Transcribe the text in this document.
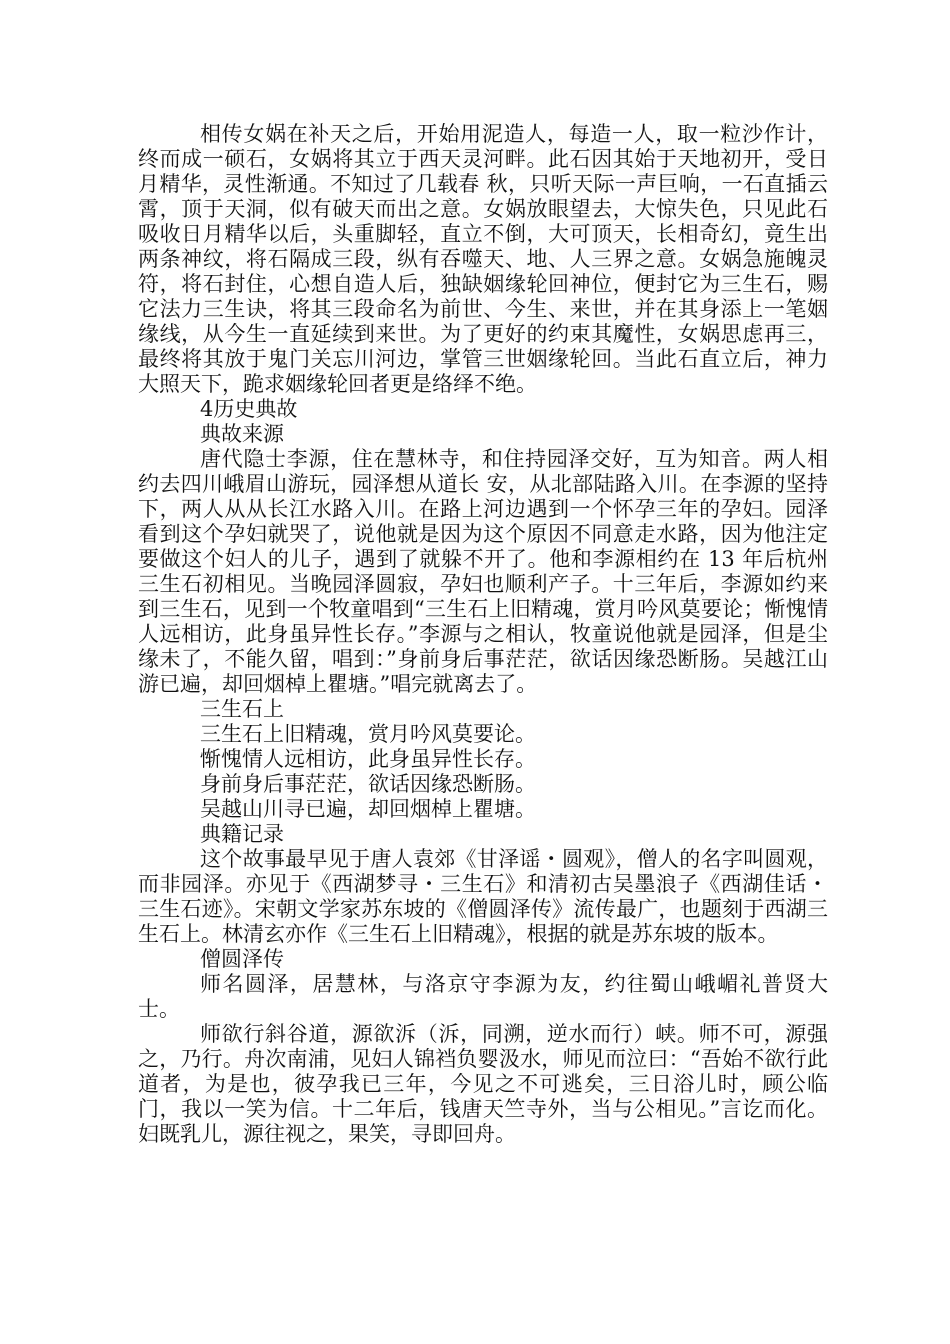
相传女娲在补天之后，开始用泥造人，每造一人，取一粒沙作计，终而成一硕石，女娲将其立于西天灵河畔。此石因其始于天地初开，受日月精华，灵性渐通。不知过了几载春 秋，只听天际一声巨响，一石直插云霄，顶于天洞，似有破天而出之意。女娲放眼望去，大惊失色，只见此石吸收日月精华以后，头重脚轻，直立不倒，大可顶天，长相奇幻，竟生出两条神纹，将石隔成三段，纵有吞噬天、地、人三界之意。女娲急施魄灵符，将石封住，心想自造人后，独缺姻缘轮回神位，便封它为三生石，赐它法力三生诀，将其三段命名为前世、今生、来世，并在其身添上一笔姻缘线，从今生一直延续到来世。为了更好的约束其魔性，女娲思虑再三，最终将其放于鬼门关忘川河边，掌管三世姻缘轮回。当此石直立后，神力大照天下，跪求姻缘轮回者更是络绎不绝。

4历史典故

典故来源

唐代隐士李源，住在慧林寺，和住持园泽交好，互为知音。两人相约去四川峨眉山游玩，园泽想从道长 安，从北部陆路入川。在李源的坚持下，两人从从长江水路入川。在路上河边遇到一个怀孕三年的孕妇。园泽看到这个孕妇就哭了，说他就是因为这个原因不同意走水路，因为他注定要做这个妇人的儿子，遇到了就躲不开了。他和李源相约在 13 年后杭州三生石初相见。当晚园泽圆寂，孕妇也顺利产子。十三年后，李源如约来到三生石，见到一个牧童唱到“三生石上旧精魂，赏月吟风莫要论；惭愧情人远相访，此身虽异性长存。”李源与之相认，牧童说他就是园泽，但是尘缘未了，不能久留，唱到：”身前身后事茫茫，欲话因缘恐断肠。吴越江山游已遍，却回烟棹上瞿塘。”唱完就离去了。

三生石上

三生石上旧精魂，赏月吟风莫要论。

惭愧情人远相访，此身虽异性长存。

身前身后事茫茫，欲话因缘恐断肠。

吴越山川寻已遍，却回烟棹上瞿塘。

典籍记录

这个故事最早见于唐人袁郊《甘泽谣・圆观》，僧人的名字叫圆观，而非园泽。亦见于《西湖梦寻・三生石》和清初古吴墨浪子《西湖佳话・三生石迹》。宋朝文学家苏东坡的《僧圆泽传》流传最广，也题刻于西湖三生石上。林清玄亦作《三生石上旧精魂》，根据的就是苏东坡的版本。

僧圆泽传

师名圆泽，居慧林，与洛京守李源为友，约往蜀山峨嵋礼普贤大士。

师欲行斜谷道，源欲泝（泝，同溯，逆水而行）峡。师不可，源强之，乃行。舟次南浦，见妇人锦裆负婴汲水，师见而泣曰：“吾始不欲行此道者，为是也，彼孕我已三年，今见之不可逃矣，三日浴儿时，顾公临门，我以一笑为信。十二年后，钱唐天竺寺外，当与公相见。”言讫而化。妇既乳儿，源往视之，果笑，寻即回舟。
